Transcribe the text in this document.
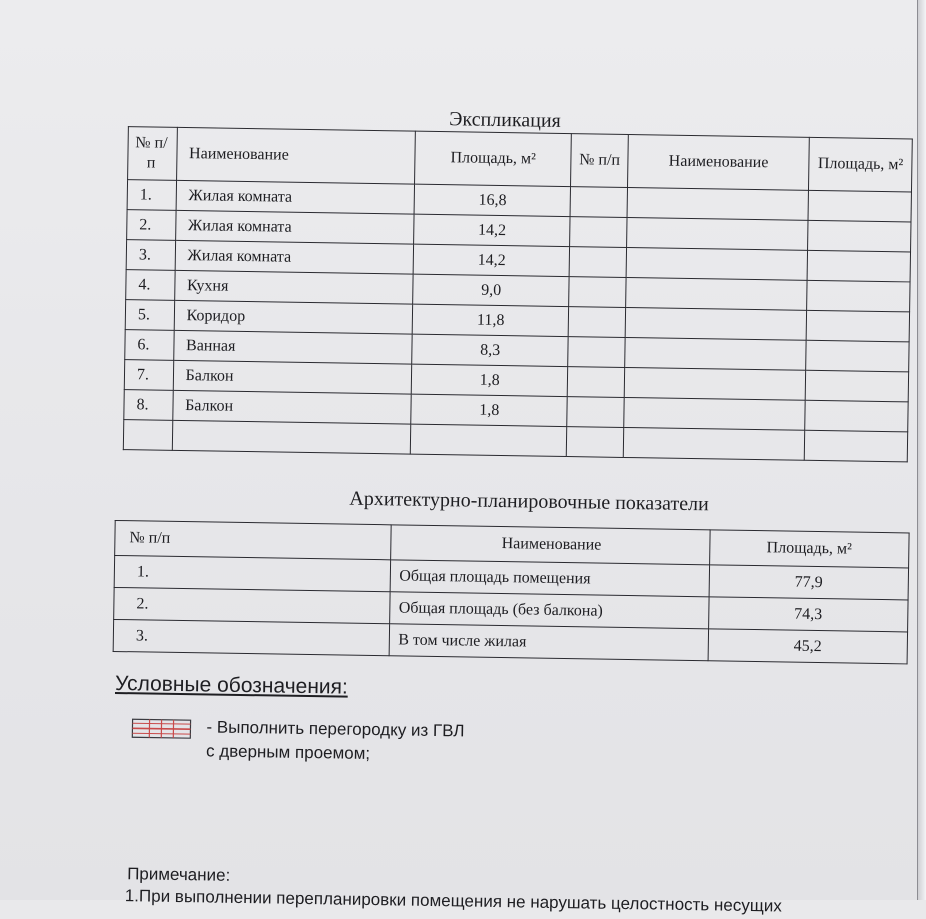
Экспликация
№ п/п	Наименование	Площадь, м²	№ п/п	Наименование	Площадь, м²
1.	Жилая комната	16,8			
2.	Жилая комната	14,2			
3.	Жилая комната	14,2			
4.	Кухня	9,0			
5.	Коридор	11,8			
6.	Ванная	8,3			
7.	Балкон	1,8			
8.	Балкон	1,8			

Архитектурно-планировочные показатели
№ п/п	Наименование	Площадь, м²
1.	Общая площадь помещения	77,9
2.	Общая площадь (без балкона)	74,3
3.	В том числе жилая	45,2
Условные обозначения:
- Выполнить перегородку из ГВЛ
с дверным проемом;
Примечание:
1.При выполнении перепланировки помещения не нарушать целостность несущих
